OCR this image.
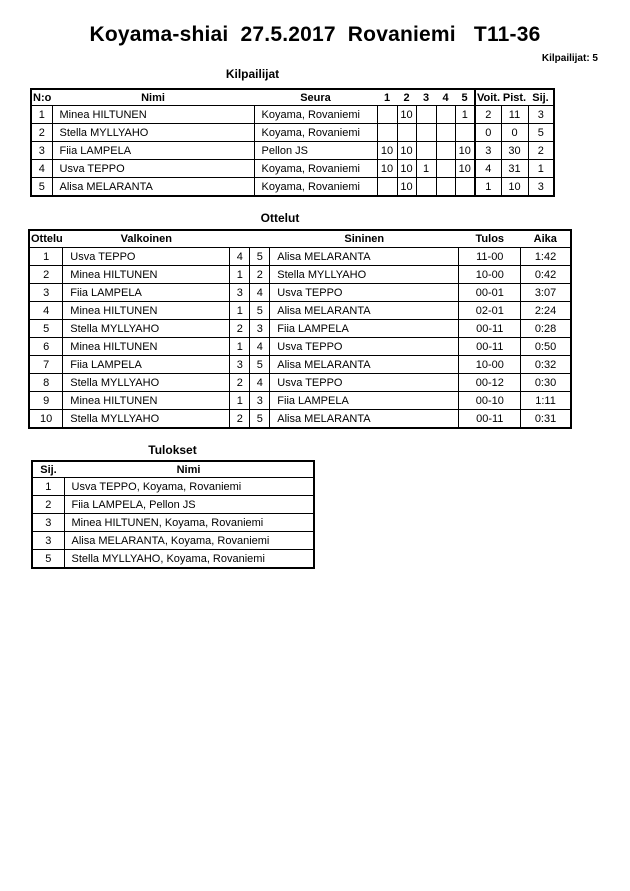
Koyama-shiai  27.5.2017  Rovaniemi   T11-36
Kilpailijat: 5
Kilpailijat
N:o	Nimi	Seura	1	2	3	4	5	Voit.	Pist.	Sij.
1	Minea HILTUNEN	Koyama, Rovaniemi		10			1	2	11	3
2	Stella MYLLYAHO	Koyama, Rovaniemi						0	0	5
3	Fiia LAMPELA	Pellon JS	10	10			10	3	30	2
4	Usva TEPPO	Koyama, Rovaniemi	10	10	1		10	4	31	1
5	Alisa MELARANTA	Koyama, Rovaniemi		10				1	10	3
Ottelut
Ottelu	Valkoinen			Sininen	Tulos	Aika
1	Usva TEPPO	4	5	Alisa MELARANTA	11-00	1:42
2	Minea HILTUNEN	1	2	Stella MYLLYAHO	10-00	0:42
3	Fiia LAMPELA	3	4	Usva TEPPO	00-01	3:07
4	Minea HILTUNEN	1	5	Alisa MELARANTA	02-01	2:24
5	Stella MYLLYAHO	2	3	Fiia LAMPELA	00-11	0:28
6	Minea HILTUNEN	1	4	Usva TEPPO	00-11	0:50
7	Fiia LAMPELA	3	5	Alisa MELARANTA	10-00	0:32
8	Stella MYLLYAHO	2	4	Usva TEPPO	00-12	0:30
9	Minea HILTUNEN	1	3	Fiia LAMPELA	00-10	1:11
10	Stella MYLLYAHO	2	5	Alisa MELARANTA	00-11	0:31
Tulokset
Sij.	Nimi
1	Usva TEPPO, Koyama, Rovaniemi
2	Fiia LAMPELA, Pellon JS
3	Minea HILTUNEN, Koyama, Rovaniemi
3	Alisa MELARANTA, Koyama, Rovaniemi
5	Stella MYLLYAHO, Koyama, Rovaniemi
